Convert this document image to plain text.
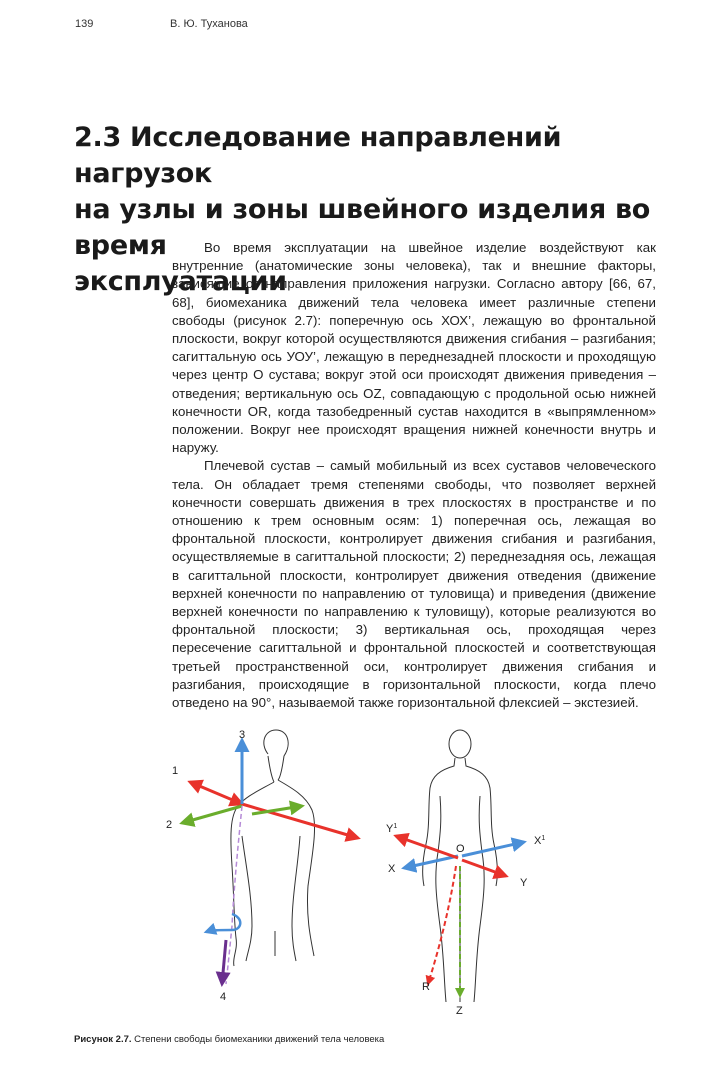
139	В. Ю. Туханова
2.3 Исследование направлений нагрузок
на узлы и зоны швейного изделия во время
эксплуатации

Во время эксплуатации на швейное изделие воздействуют как внутренние (анатомические зоны человека), так и внешние факторы, зависящие от направления приложения нагрузки. Согласно автору [66, 67, 68], биомеханика движений тела человека имеет различные степени свободы (рисунок 2.7): поперечную ось ХОХ’, лежащую во фронтальной плоскости, вокруг которой осуществляются движения сгибания – разгибания; сагиттальную ось УОУ’, лежащую в переднезадней плоскости и проходящую через центр О сустава; вокруг этой оси происходят движения приведения – отведения; вертикальную ось OZ, совпадающую с продольной осью нижней конечности OR, когда тазобедренный сустав находится в «выпрямленном» положении. Вокруг нее происходят вращения нижней конечности внутрь и наружу.

Плечевой сустав – самый мобильный из всех суставов человеческого тела. Он обладает тремя степенями свободы, что позволяет верхней конечности совершать движения в трех плоскостях в пространстве и по отношению к трем основным осям: 1) поперечная ось, лежащая во фронтальной плоскости, контролирует движения сгибания и разгибания, осуществляемые в сагиттальной плоскости; 2) переднезадняя ось, лежащая в сагиттальной плоскости, контролирует движения отведения (движение верхней конечности по направлению от туловища) и приведения (движение верхней конечности по направлению к туловищу), которые реализуются во фронтальной плоскости; 3) вертикальная ось, проходящая через пересечение сагиттальной и фронтальной плоскостей и соответствующая третьей пространственной оси, контролирует движения сгибания и разгибания, происходящие в горизонтальной плоскости, когда плечо отведено на 90°, называемой также горизонтальной флексией – экстезией.

3
1
2
4
$Y^1$
$X^1$
X
Y
O
R
Z
Рисунок 2.7. Степени свободы биомеханики движений тела человека
